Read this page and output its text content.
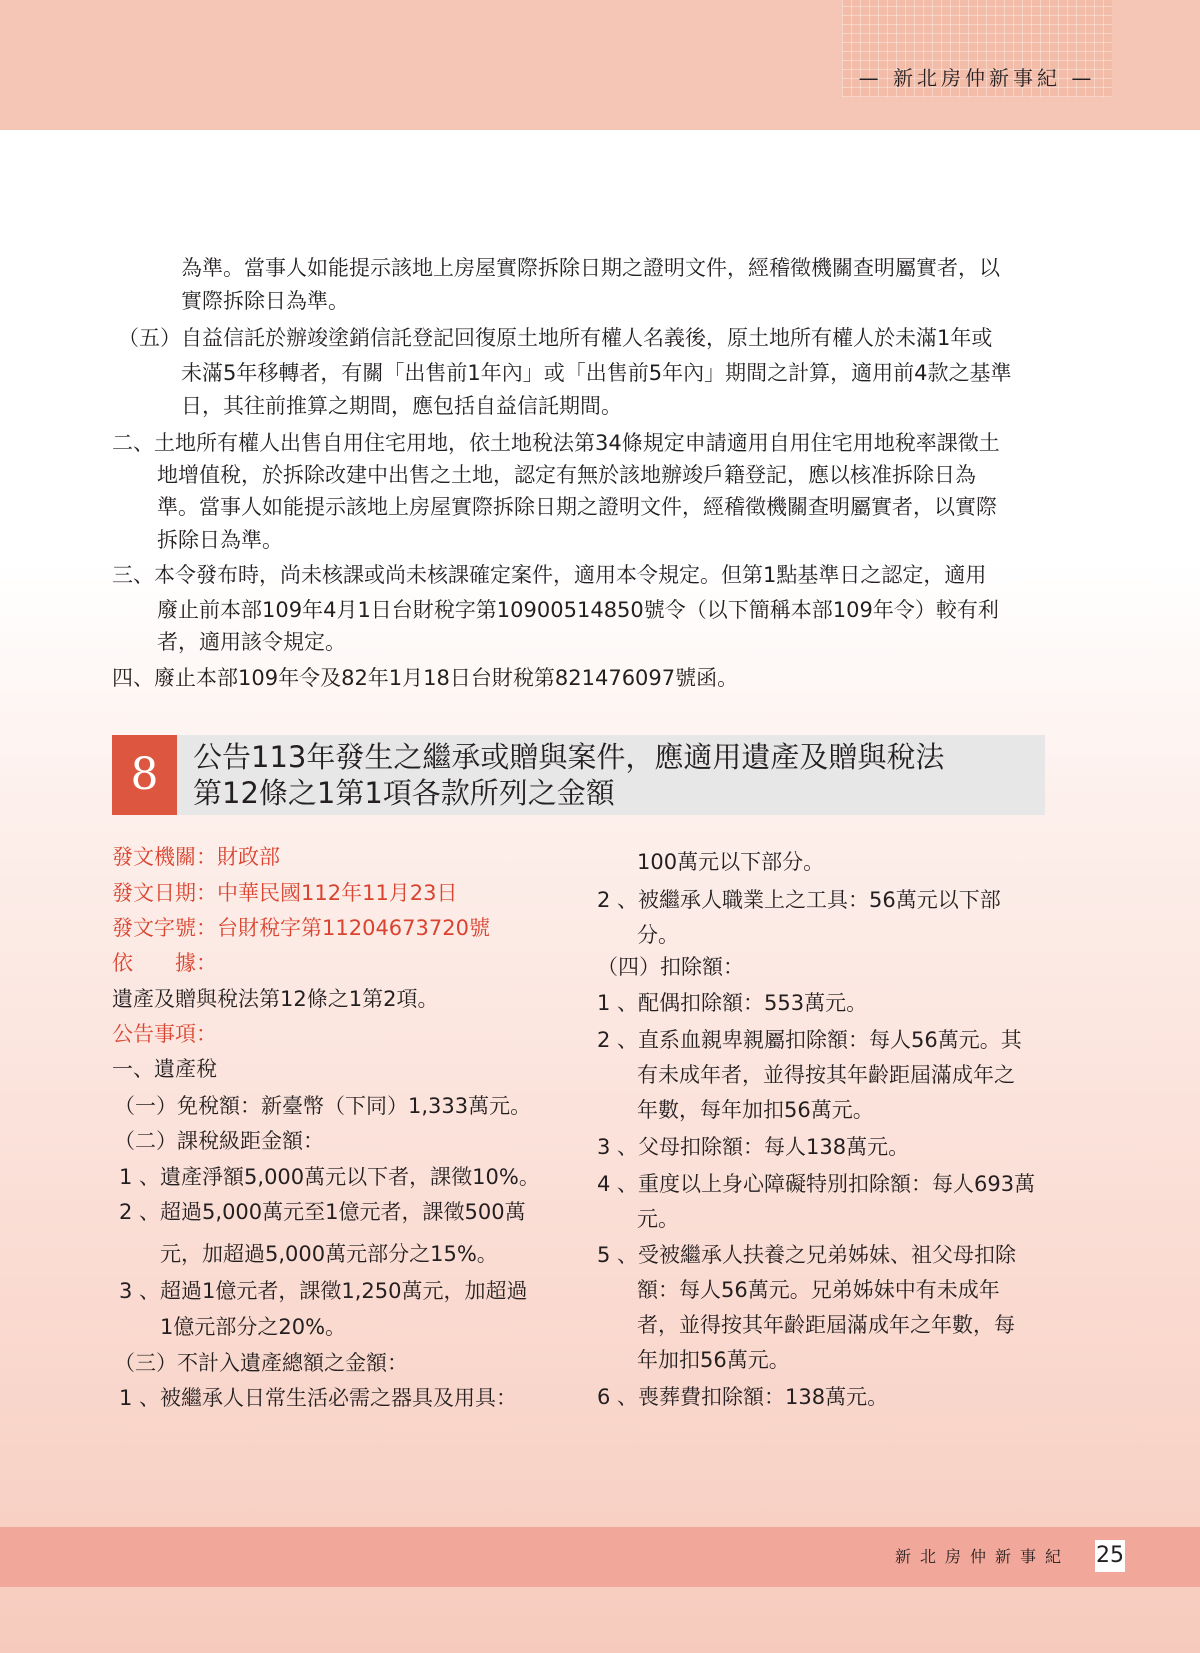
— 新北房仲新事紀 —
為準。當事人如能提示該地上房屋實際拆除日期之證明文件，經稽徵機關查明屬實者，以
實際拆除日為準。
（五）自益信託於辦竣塗銷信託登記回復原土地所有權人名義後，原土地所有權人於未滿1年或
未滿5年移轉者，有關「出售前1年內」或「出售前5年內」期間之計算，適用前4款之基準
日，其往前推算之期間，應包括自益信託期間。
二、土地所有權人出售自用住宅用地，依土地稅法第34條規定申請適用自用住宅用地稅率課徵土
地增值稅，於拆除改建中出售之土地，認定有無於該地辦竣戶籍登記，應以核准拆除日為
準。當事人如能提示該地上房屋實際拆除日期之證明文件，經稽徵機關查明屬實者，以實際
拆除日為準。
三、本令發布時，尚未核課或尚未核課確定案件，適用本令規定。但第1點基準日之認定，適用
廢止前本部109年4月1日台財稅字第10900514850號令（以下簡稱本部109年令）較有利
者，適用該令規定。
四、廢止本部109年令及82年1月18日台財稅第821476097號函。
8	公告113年發生之繼承或贈與案件，應適用遺產及贈與稅法
第12條之1第1項各款所列之金額
發文機關：財政部
發文日期：中華民國112年11月23日
發文字號：台財稅字第11204673720號
依　　據：
遺產及贈與稅法第12條之1第2項。
公告事項：
一、遺產稅
（一）免稅額：新臺幣（下同）1,333萬元。
（二）課稅級距金額：
1 、遺產淨額5,000萬元以下者，課徵10%。
2 、超過5,000萬元至1億元者，課徵500萬
元，加超過5,000萬元部分之15%。
3 、超過1億元者，課徵1,250萬元，加超過
1億元部分之20%。
（三）不計入遺產總額之金額：
1 、被繼承人日常生活必需之器具及用具：
100萬元以下部分。
2 、被繼承人職業上之工具：56萬元以下部
分。
（四）扣除額：
1 、配偶扣除額：553萬元。
2 、直系血親卑親屬扣除額：每人56萬元。其
有未成年者，並得按其年齡距屆滿成年之
年數，每年加扣56萬元。
3 、父母扣除額：每人138萬元。
4 、重度以上身心障礙特別扣除額：每人693萬
元。
5 、受被繼承人扶養之兄弟姊妹、祖父母扣除
額：每人56萬元。兄弟姊妹中有未成年
者，並得按其年齡距屆滿成年之年數，每
年加扣56萬元。
6 、喪葬費扣除額：138萬元。
新北房仲新事紀 25
